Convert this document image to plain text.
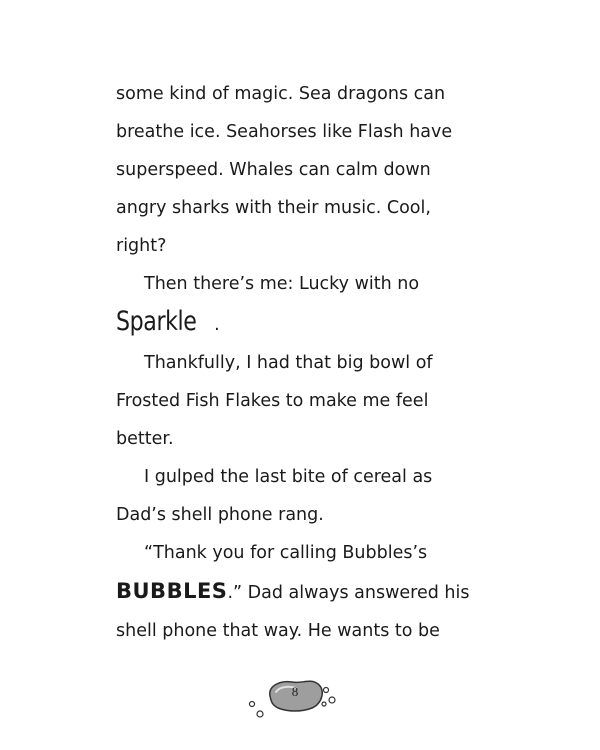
some kind of magic. Sea dragons can
breathe ice. Seahorses like Flash have
superspeed. Whales can calm down
angry sharks with their music. Cool,
right?
Then there’s me: Lucky with no
Sparkle .
Thankfully, I had that big bowl of
Frosted Fish Flakes to make me feel
better.
I gulped the last bite of cereal as
Dad’s shell phone rang.
“Thank you for calling Bubbles’s
BUBBLES.” Dad always answered his
shell phone that way. He wants to be
8
